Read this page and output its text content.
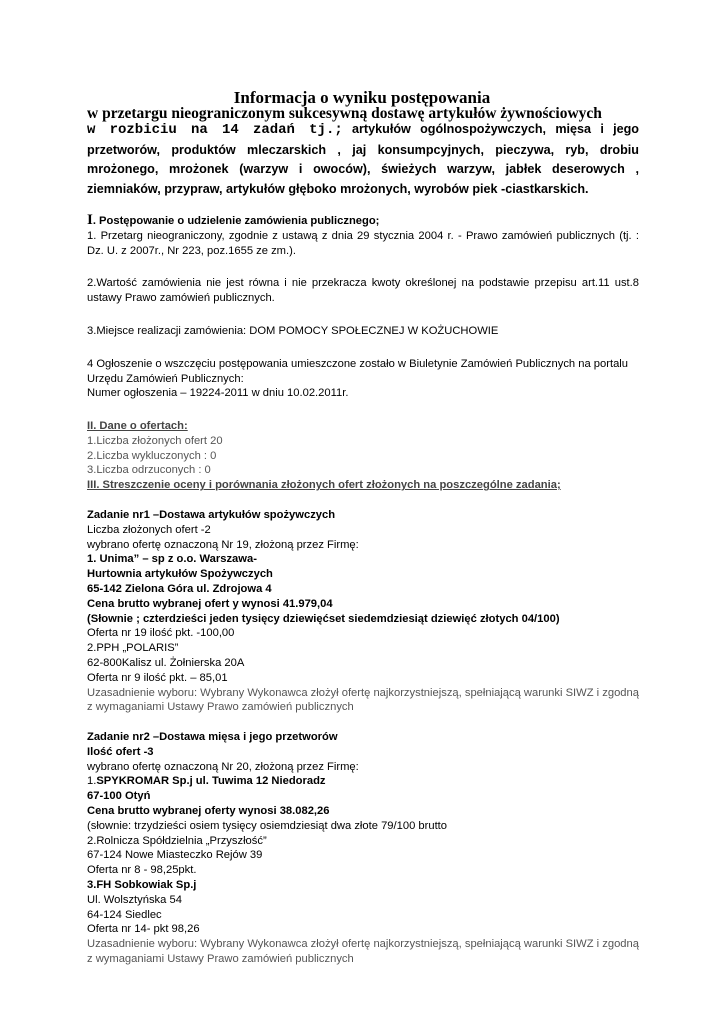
Informacja o wyniku postępowania
w przetargu nieograniczonym sukcesywną dostawę artykułów żywnościowych
w rozbiciu na 14 zadań tj.; artykułów ogólnospożywczych, mięsa i jego przetworów, produktów mleczarskich , jaj konsumpcyjnych, pieczywa, ryb, drobiu mrożonego, mrożonek (warzyw i owoców), świeżych warzyw, jabłek deserowych , ziemniaków, przypraw, artykułów głęboko mrożonych, wyrobów piek -ciastkarskich.
I. Postępowanie o udzielenie zamówienia publicznego;
1. Przetarg nieograniczony, zgodnie z ustawą z dnia 29 stycznia 2004 r. - Prawo zamówień publicznych (tj. : Dz. U. z 2007r., Nr 223, poz.1655 ze zm.).
2.Wartość zamówienia nie jest równa i nie przekracza kwoty określonej na podstawie przepisu art.11 ust.8 ustawy Prawo zamówień publicznych.
3.Miejsce realizacji zamówienia: DOM POMOCY SPOŁECZNEJ W KOŻUCHOWIE
4 Ogłoszenie o wszczęciu postępowania umieszczone zostało w Biuletynie Zamówień Publicznych na portalu
Urzędu Zamówień Publicznych:
Numer ogłoszenia – 19224-2011 w dniu 10.02.2011r.
II. Dane o ofertach:
1.Liczba złożonych ofert 20
2.Liczba wykluczonych : 0
3.Liczba odrzuconych : 0
III. Streszczenie oceny i porównania złożonych ofert złożonych na poszczególne zadania;
Zadanie nr1 –Dostawa artykułów spożywczych
Liczba złożonych ofert -2
wybrano ofertę oznaczoną Nr 19, złożoną przez Firmę:
1. Unima” – sp z o.o. Warszawa-
Hurtownia artykułów Spożywczych
65-142 Zielona Góra ul. Zdrojowa 4
Cena brutto wybranej ofert y wynosi 41.979,04
(Słownie ; czterdzieści jeden tysięcy dziewięćset siedemdziesiąt dziewięć złotych 04/100)
Oferta nr 19 ilość pkt. -100,00
2.PPH „POLARIS”
62-800Kalisz ul. Żołnierska 20A
Oferta nr 9 ilość pkt. – 85,01
Uzasadnienie wyboru: Wybrany Wykonawca złożył ofertę najkorzystniejszą, spełniającą warunki SIWZ i zgodną
z wymaganiami Ustawy Prawo zamówień publicznych
Zadanie nr2 –Dostawa mięsa i jego przetworów
Ilość ofert -3
wybrano ofertę oznaczoną Nr 20, złożoną przez Firmę:
1.SPYKROMAR Sp.j ul. Tuwima 12 Niedoradz
67-100 Otyń
Cena brutto wybranej oferty wynosi 38.082,26
(słownie: trzydzieści osiem tysięcy osiemdziesiąt dwa złote 79/100 brutto
2.Rolnicza Spółdzielnia „Przyszłość”
67-124 Nowe Miasteczko Rejów 39
Oferta nr 8 - 98,25pkt.
3.FH Sobkowiak Sp.j
Ul. Wolsztyńska 54
64-124 Siedlec
Oferta nr 14- pkt 98,26
Uzasadnienie wyboru: Wybrany Wykonawca złożył ofertę najkorzystniejszą, spełniającą warunki SIWZ i zgodną
z wymaganiami Ustawy Prawo zamówień publicznych
